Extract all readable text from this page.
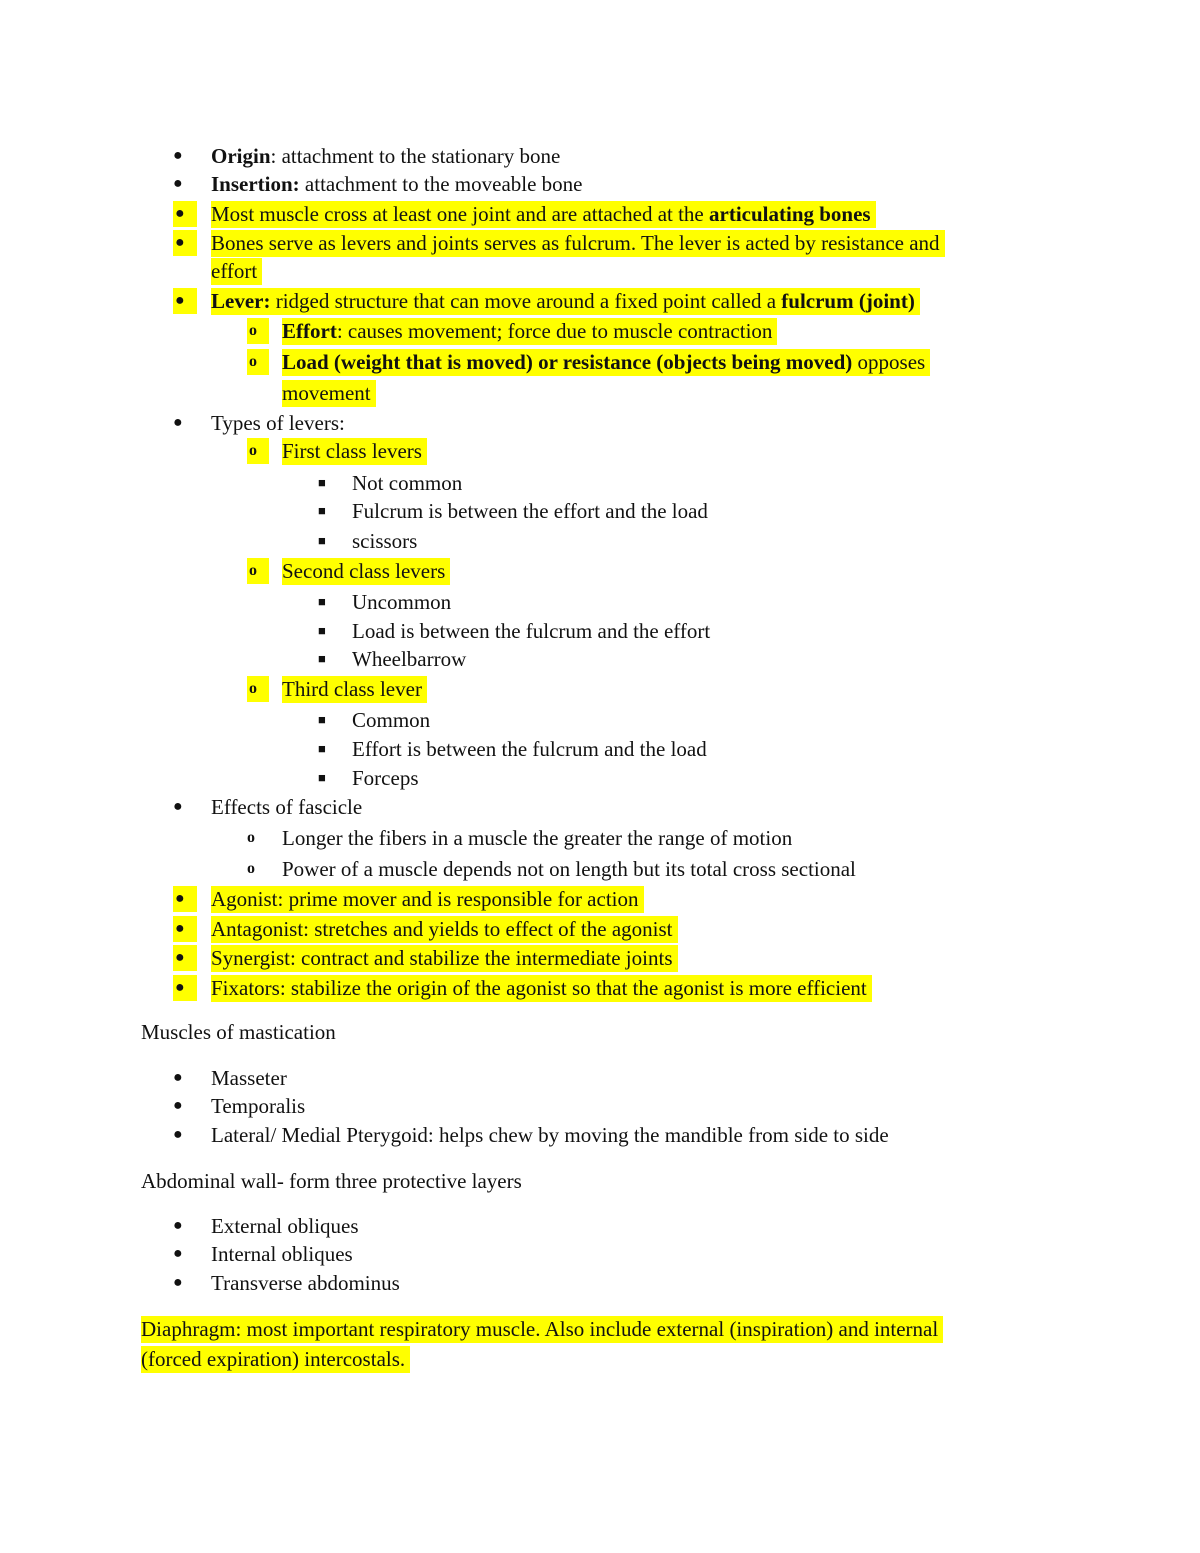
● Origin: attachment to the stationary bone
● Insertion: attachment to the moveable bone
●	Most muscle cross at least one joint and are attached at the articulating bones
●	Bones serve as levers and joints serves as fulcrum. The lever is acted by resistance and
effort
●	Lever: ridged structure that can move around a fixed point called a fulcrum (joint)
o	Effort: causes movement; force due to muscle contraction
o	Load (weight that is moved) or resistance (objects being moved) opposes
movement
● Types of levers:
o	First class levers
■ Not common
■ Fulcrum is between the effort and the load
■ scissors
o	Second class levers
■ Uncommon
■ Load is between the fulcrum and the effort
■ Wheelbarrow
o	Third class lever
■ Common
■ Effort is between the fulcrum and the load
■ Forceps
● Effects of fascicle
o Longer the fibers in a muscle the greater the range of motion
o Power of a muscle depends not on length but its total cross sectional
●	Agonist: prime mover and is responsible for action
●	Antagonist: stretches and yields to effect of the agonist
●	Synergist: contract and stabilize the intermediate joints
●	Fixators: stabilize the origin of the agonist so that the agonist is more efficient
Muscles of mastication
● Masseter
● Temporalis
● Lateral/ Medial Pterygoid: helps chew by moving the mandible from side to side
Abdominal wall- form three protective layers
● External obliques
● Internal obliques
● Transverse abdominus
Diaphragm: most important respiratory muscle. Also include external (inspiration) and internal
(forced expiration) intercostals.
